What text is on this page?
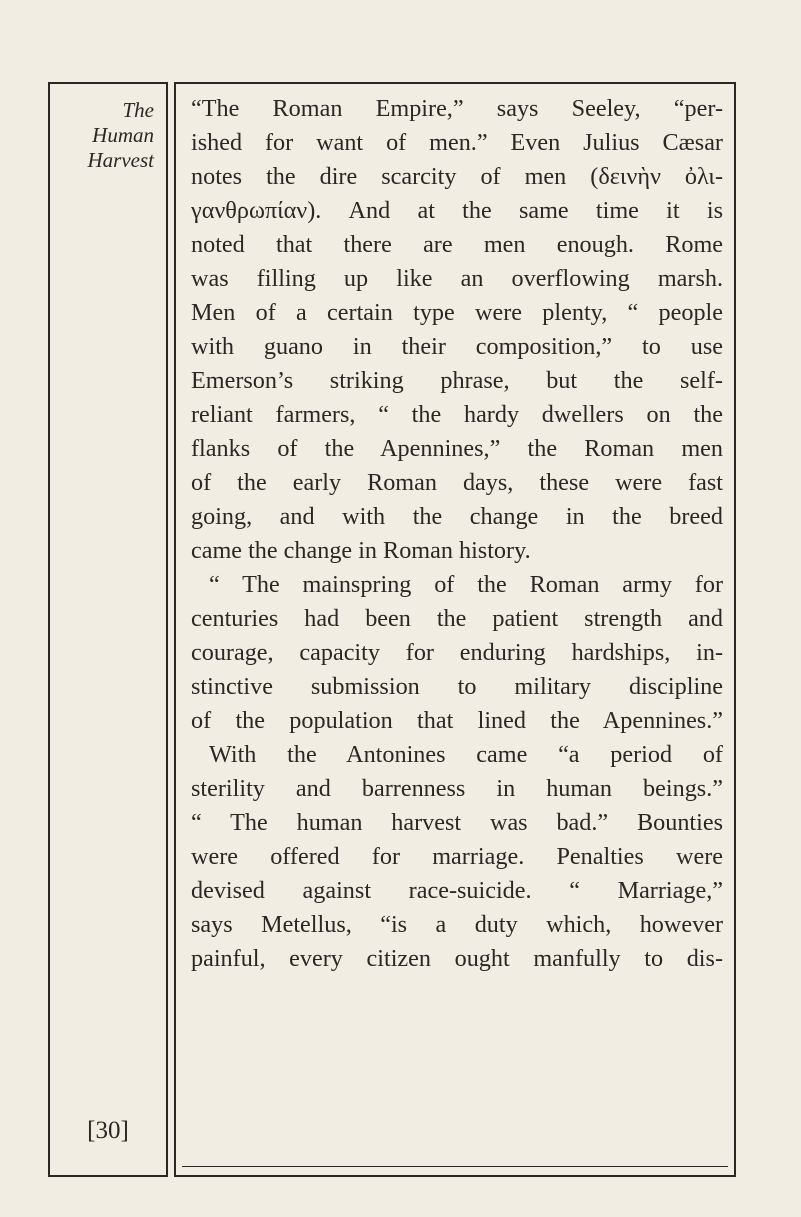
The
Human
Harvest
[30]
“The Roman Empire,” says Seeley, “per-
ished for want of men.” Even Julius Cæsar
notes the dire scarcity of men (δεινὴν ὀλι-
γανθρωπίαν). And at the same time it is
noted that there are men enough. Rome
was filling up like an overflowing marsh.
Men of a certain type were plenty, “ people
with guano in their composition,” to use
Emerson’s striking phrase, but the self-
reliant farmers, “ the hardy dwellers on the
flanks of the Apennines,” the Roman men
of the early Roman days, these were fast
going, and with the change in the breed
came the change in Roman history.
“ The mainspring of the Roman army for
centuries had been the patient strength and
courage, capacity for enduring hardships, in-
stinctive submission to military discipline
of the population that lined the Apennines.”
With the Antonines came “a period of
sterility and barrenness in human beings.”
“ The human harvest was bad.” Bounties
were offered for marriage. Penalties were
devised against race-suicide. “ Marriage,”
says Metellus, “is a duty which, however
painful, every citizen ought manfully to dis-
